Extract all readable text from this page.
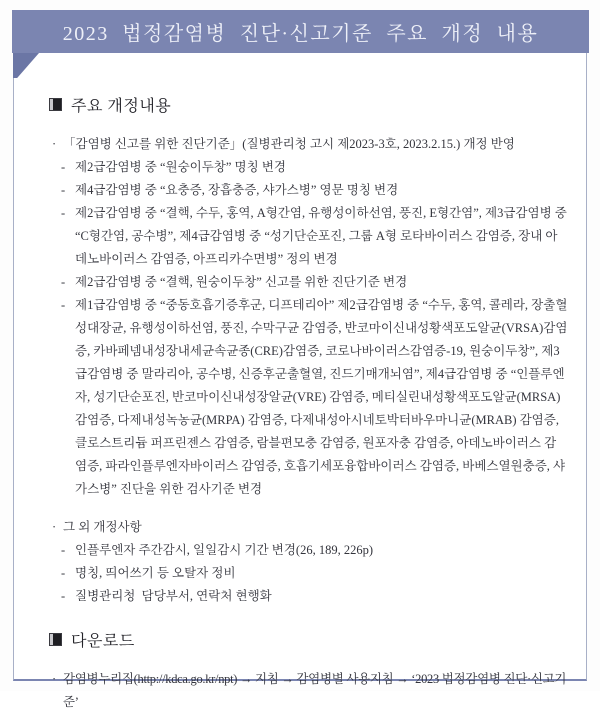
2023 법정감염병 진단·신고기준 주요 개정 내용
주요 개정내용
· 「감염병 신고를 위한 진단기준」(질병관리청 고시 제2023-3호, 2023.2.15.) 개정 반영
- 제2급감염병 중 “원숭이두창” 명칭 변경
- 제4급감염병 중 “요충증, 장흡충증, 샤가스병” 영문 명칭 변경
- 제2급감염병 중 “결핵, 수두, 홍역, A형간염, 유행성이하선염, 풍진, E형간염”, 제3급감염병 중 “C형간염, 공수병”, 제4급감염병 중 “성기단순포진, 그룹 A형 로타바이러스 감염증, 장내 아데노바이러스 감염증, 아프리카수면병” 정의 변경
- 제2급감염병 중 “결핵, 원숭이두창” 신고를 위한 진단기준 변경
- 제1급감염병 중 “중동호흡기증후군, 디프테리아” 제2급감염병 중 “수두, 홍역, 콜레라, 장출혈성대장균, 유행성이하선염, 풍진, 수막구균 감염증, 반코마이신내성황색포도알균(VRSA)감염증, 카바페넴내성장내세균속균종(CRE)감염증, 코로나바이러스감염증-19, 원숭이두창”, 제3급감염병 중 말라리아, 공수병, 신증후군출혈열, 진드기매개뇌염”, 제4급감염병 중 “인플루엔자, 성기단순포진, 반코마이신내성장알균(VRE) 감염증, 메티실린내성황색포도알균(MRSA) 감염증, 다제내성녹농균(MRPA) 감염증, 다제내성아시네토박터바우마니균(MRAB) 감염증, 클로스트리듐 퍼프린젠스 감염증, 람블편모충 감염증, 원포자충 감염증, 아데노바이러스 감염증, 파라인플루엔자바이러스 감염증, 호흡기세포융합바이러스 감염증, 바베스열원충증, 샤가스병” 진단을 위한 검사기준 변경
· 그 외 개정사항
- 인플루엔자 주간감시, 일일감시 기간 변경(26, 189, 226p)
- 명칭, 띄어쓰기 등 오탈자 정비
- 질병관리청  담당부서, 연락처 현행화
다운로드
· 감염병누리집(http://kdca.go.kr/npt) → 지침 → 감염병별 사용지침 → ‘2023 법정감염병 진단·신고기준’
